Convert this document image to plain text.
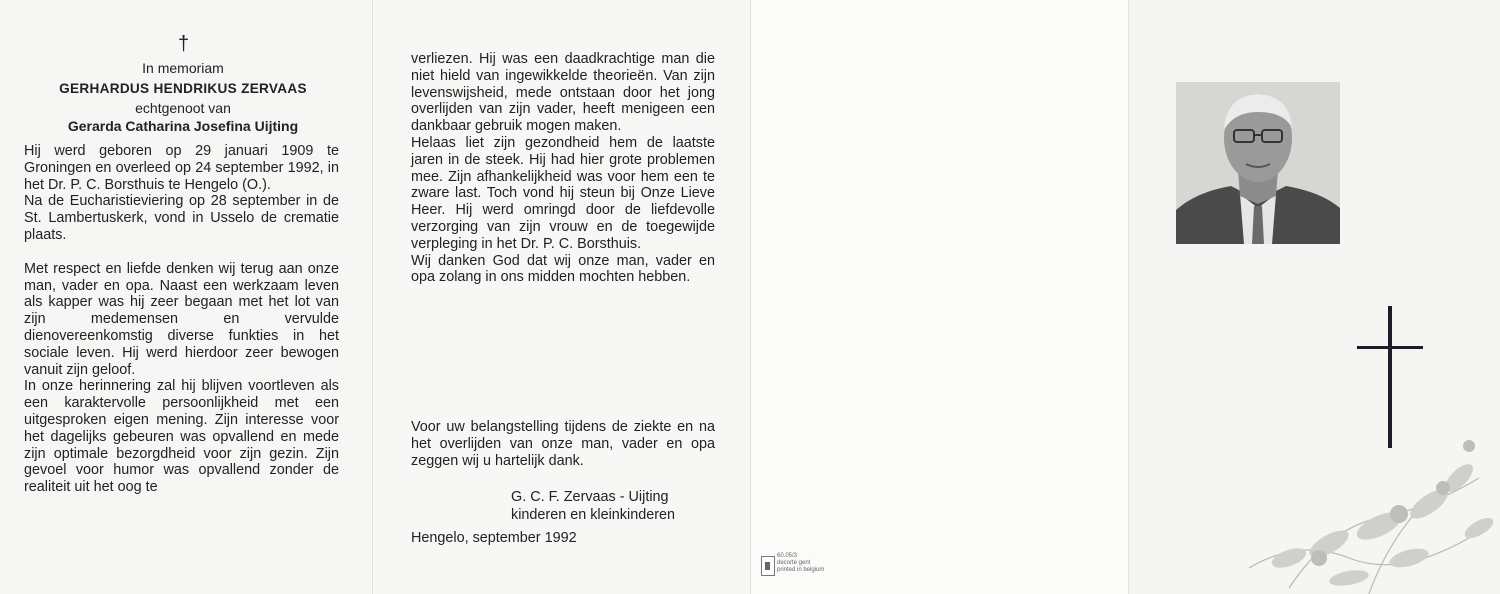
†
In memoriam
GERHARDUS HENDRIKUS ZERVAAS
echtgenoot van
Gerarda Catharina Josefina Uijting

Hij werd geboren op 29 januari 1909 te Groningen en overleed op 24 september 1992, in het Dr. P. C. Borsthuis te Hengelo (O.).

Na de Eucharistieviering op 28 september in de St. Lambertuskerk, vond in Usselo de crematie plaats.

Met respect en liefde denken wij terug aan onze man, vader en opa. Naast een werkzaam leven als kapper was hij zeer begaan met het lot van zijn medemensen en vervulde dienovereenkomstig diverse funkties in het sociale leven. Hij werd hierdoor zeer bewogen vanuit zijn geloof.

In onze herinnering zal hij blijven voortleven als een karaktervolle persoonlijkheid met een uitgesproken eigen mening. Zijn interesse voor het dagelijks gebeuren was opvallend en mede zijn optimale bezorgdheid voor zijn gezin. Zijn gevoel voor humor was opvallend zonder de realiteit uit het oog te

verliezen. Hij was een daadkrachtige man die niet hield van ingewikkelde theorieën. Van zijn levenswijsheid, mede ontstaan door het jong overlijden van zijn vader, heeft menigeen een dankbaar gebruik mogen maken.

Helaas liet zijn gezondheid hem de laatste jaren in de steek. Hij had hier grote problemen mee. Zijn afhankelijkheid was voor hem een te zware last. Toch vond hij steun bij Onze Lieve Heer. Hij werd omringd door de liefdevolle verzorging van zijn vrouw en de toegewijde verpleging in het Dr. P. C. Borsthuis.

Wij danken God dat wij onze man, vader en opa zolang in ons midden mochten hebben.

Voor uw belangstelling tijdens de ziekte en na het overlijden van onze man, vader en opa zeggen wij u hartelijk dank.

G. C. F. Zervaas - Uijting
kinderen en kleinkinderen
Hengelo, september 1992
60.05/3
decorte gent
printed in belgium
